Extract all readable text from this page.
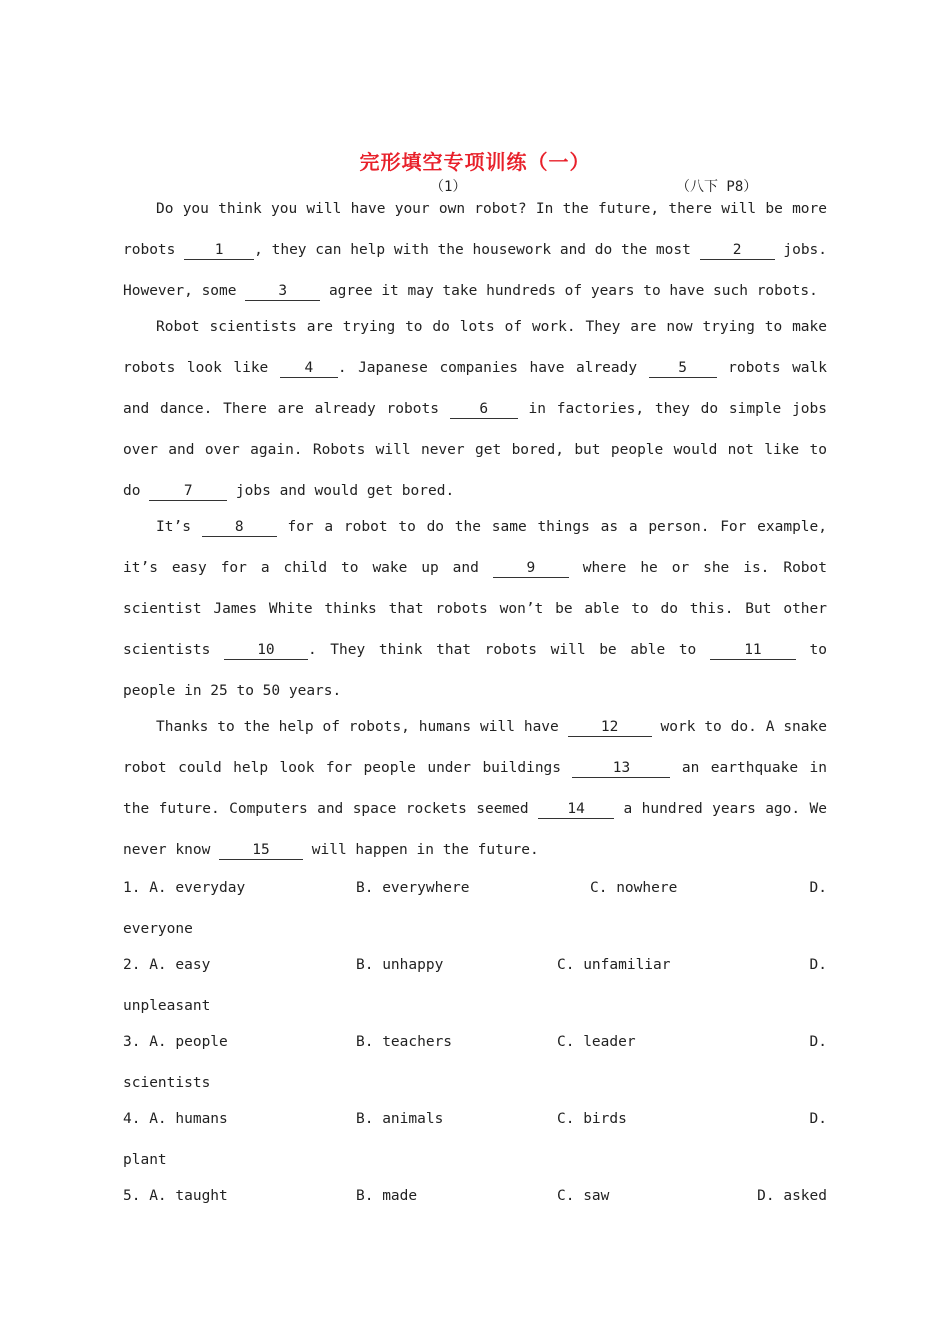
完形填空专项训练（一）
（1）	（八下 P8）

Do you think you will have your own robot? In the future, there will be more robots 1 , they can help with the housework and do the most 2 jobs. However, some 3 agree it may take hundreds of years to have such robots.

Robot scientists are trying to do lots of work. They are now trying to make robots look like 4 . Japanese companies have already 5 robots walk and dance. There are already robots 6 in factories, they do simple jobs over and over again. Robots will never get bored, but people would not like to do 7 jobs and would get bored.

It’s 8 for a robot to do the same things as a person. For example, it’s easy for a child to wake up and 9 where he or she is. Robot scientist James White thinks that robots won’t be able to do this. But other scientists 10 . They think that robots will be able to 11 to people in 25 to 50 years.

Thanks to the help of robots, humans will have 12 work to do. A snake robot could help look for people under buildings	13	an earthquake in the future. Computers and space rockets seemed 14 a hundred years ago. We never know 15 will happen in the future.

1. A. everyday	B. everywhere	C. nowhere	D.
everyone
2. A. easy	B. unhappy	C. unfamiliar	D.
unpleasant
3. A. people	B. teachers	C. leader	D.
scientists
4. A. humans	B. animals	C. birds	D.
plant
5. A. taught	B. made	C. saw	D. asked
